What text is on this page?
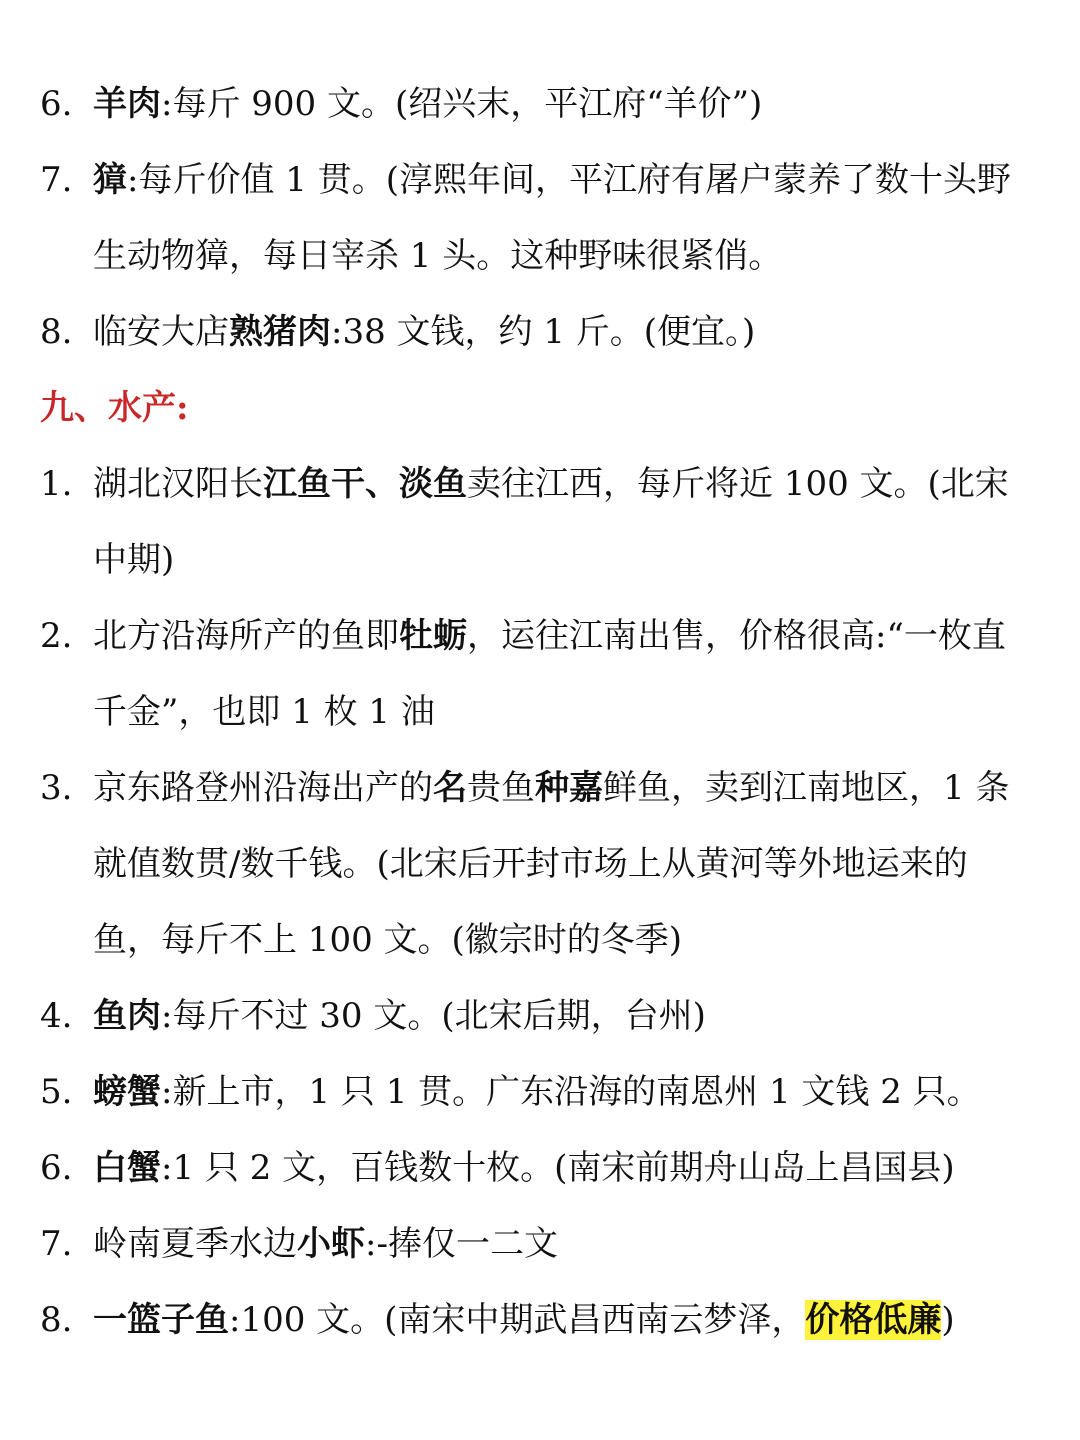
6. 羊肉:每斤 900 文。(绍兴末，平江府“羊价”)
7. 獐:每斤价值 1 贯。(淳熙年间，平江府有屠户蒙养了数十头野
生动物獐，每日宰杀 1 头。这种野味很紧俏。
8. 临安大店熟猪肉:38 文钱，约 1 斤。(便宜。)
九、水产:
1. 湖北汉阳长江鱼干、淡鱼卖往江西，每斤将近 100 文。(北宋
中期)
2. 北方沿海所产的鱼即牡蛎，运往江南出售，价格很高:“一枚直
千金”，也即 1 枚 1 油
3. 京东路登州沿海出产的名贵鱼种嘉鲜鱼，卖到江南地区，1 条
就值数贯/数千钱。(北宋后开封市场上从黄河等外地运来的
鱼，每斤不上 100 文。(徽宗时的冬季)
4. 鱼肉:每斤不过 30 文。(北宋后期，台州)
5. 螃蟹:新上市，1 只 1 贯。广东沿海的南恩州 1 文钱 2 只。
6. 白蟹:1 只 2 文，百钱数十枚。(南宋前期舟山岛上昌国县)
7. 岭南夏季水边小虾:-捧仅一二文
8. 一篮子鱼:100 文。(南宋中期武昌西南云梦泽，价格低廉)
